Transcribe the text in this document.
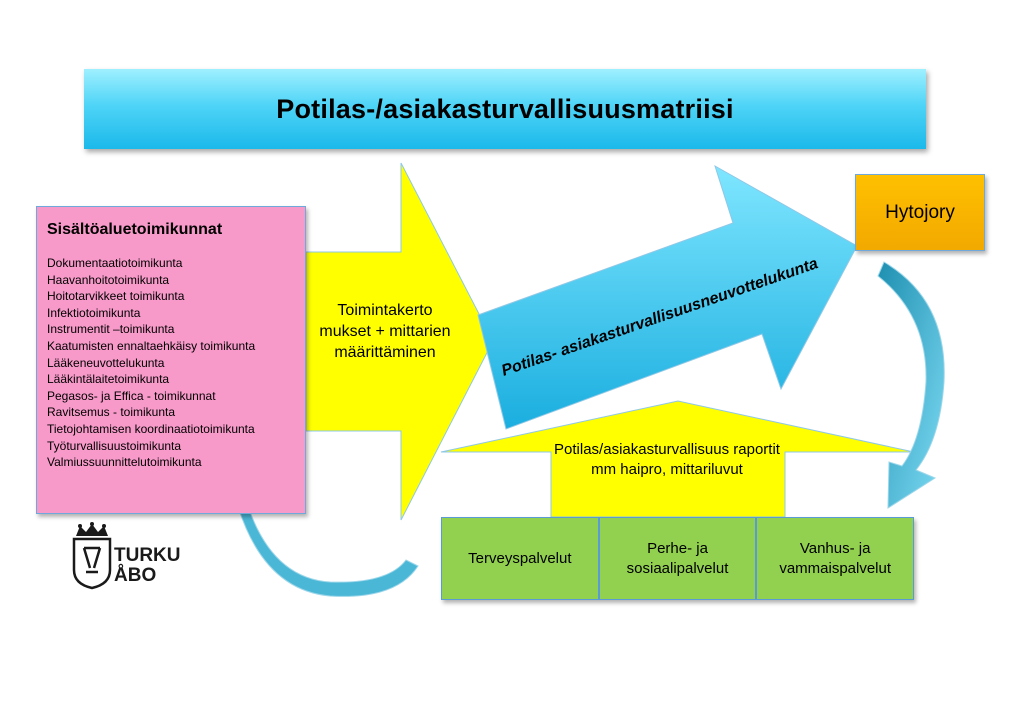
Potilas-/asiakasturvallisuusmatriisi
Sisältöaluetoimikunnat
Dokumentaatiotoimikunta
Haavanhoitotoimikunta
Hoitotarvikkeet toimikunta
Infektiotoimikunta
Instrumentit –toimikunta
Kaatumisten ennaltaehkäisy toimikunta
Lääkeneuvottelukunta
Lääkintälaitetoimikunta
Pegasos- ja Effica - toimikunnat
Ravitsemus - toimikunta
Tietojohtamisen koordinaatiotoimikunta
Työturvallisuustoimikunta
Valmiussuunnittelutoimikunta
Toimintakerto mukset + mittarien määrittäminen	Potilas- asiakasturvallisuusneuvottelukunta
Hytojory
Potilas/asiakasturvallisuus raportit mm haipro, mittariluvut
Terveyspalvelut
Perhe- ja
sosiaalipalvelut
Vanhus- ja
vammaispalvelut
TURKU
ÅBO
